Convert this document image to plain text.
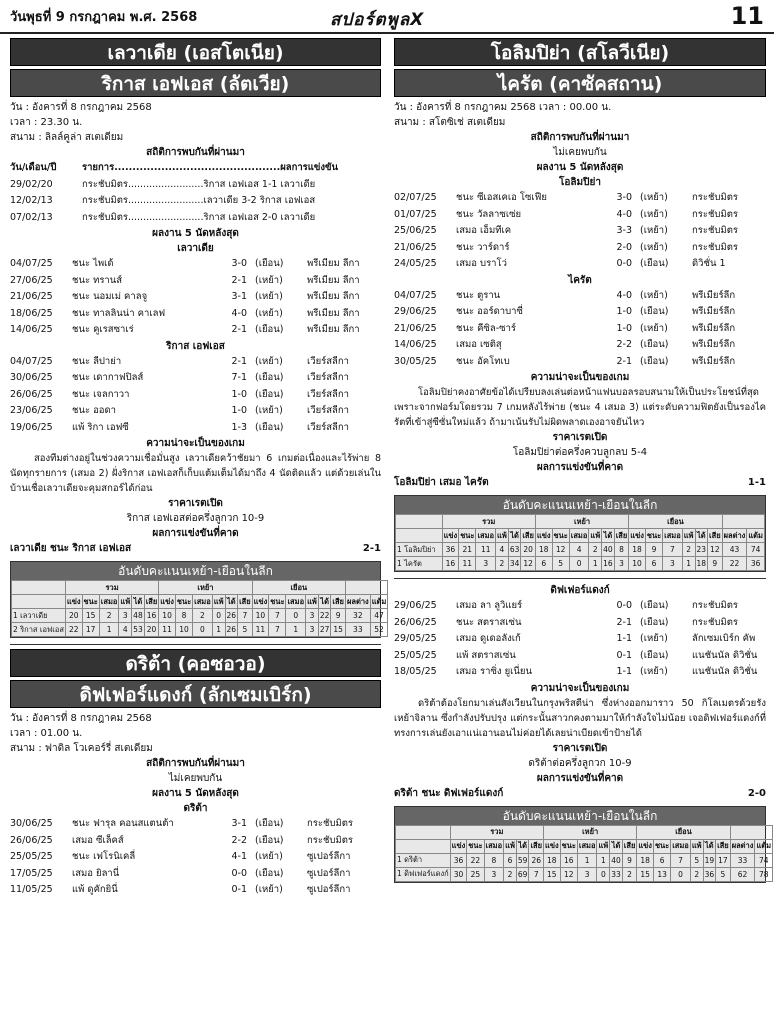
วันพุธที่ 9 กรกฎาคม พ.ศ. 2568	สปอร์ตพูลX	11
เลวาเดีย (เอสโตเนีย)
ริกาส เอฟเอส (ลัตเวีย)
วัน : อังคารที่ 8 กรกฎาคม 2568
เวลา : 23.30 น.
สนาม : ลิลล์คูล่า สเตเดียม
สถิติการพบกันที่ผ่านมา
วัน/เดือน/ปี	รายการ..............................................ผลการแข่งขัน
29/02/20	กระชับมิตร.........................ริกาส เอฟเอส 1-1 เลวาเดีย
12/02/13	กระชับมิตร.........................เลวาเดีย 3-2 ริกาส เอฟเอส
07/02/13	กระชับมิตร.........................ริกาส เอฟเอส 2-0 เลวาเดีย
ผลงาน 5 นัดหลังสุด
เลวาเดีย
04/07/25	ชนะ ไพเด้	3-0 (เยือน)	พรีเมียม ลีกา
27/06/25	ชนะ ทรานส์	2-1 (เหย้า)	พรีเมียม ลีกา
21/06/25	ชนะ นอมเม่ คาลจู	3-1 (เหย้า)	พรีเมียม ลีกา
18/06/25	ชนะ ทาลลินน่า คาเลฟ	4-0 (เหย้า)	พรีเมียม ลีกา
14/06/25	ชนะ คูเรสซาเร่	2-1 (เยือน)	พรีเมียม ลีกา
ริกาส เอฟเอส
04/07/25	ชนะ ลีปาย่า	2-1 (เหย้า)	เวียร์สลีกา
30/06/25	ชนะ เดากาฟปิลส์	7-1 (เยือน)	เวียร์สลีกา
26/06/25	ชนะ เจลกาวา	1-0 (เยือน)	เวียร์สลีกา
23/06/25	ชนะ ออดา	1-0 (เหย้า)	เวียร์สลีกา
19/06/25	แพ้ ริกา เอฟซี	1-3 (เยือน)	เวียร์สลีกา
ความน่าจะเป็นของเกม
สองทีมต่างอยู่ในช่วงความเชื่อมั่นสูง เลวาเดียคว้าชัยมา 6 เกมต่อเนื่องและไร้พ่าย 8 นัดทุกรายการ (เสมอ 2) ฝั่งริกาส เอฟเอสก็เก็บแต้มเต็มได้มาถึง 4 นัดติดแล้ว แต่ด้วยเล่นในบ้านเชื่อเลวาเดียจะคุมสกอร์ได้ก่อน
ราคาเรตเปิด
ริกาส เอฟเอสต่อครึ่งลูกวก 10-9
ผลการแข่งขันที่คาด
เลวาเดีย ชนะ ริกาส เอฟเอส	2-1
อันดับคะแนนเหย้า-เยือนในลีก
	รวม						เหย้า						เยือน							
	แข่ง	ชนะ	เสมอ	แพ้	ได้	เสีย	แข่ง	ชนะ	เสมอ	แพ้	ได้	เสีย	แข่ง	ชนะ	เสมอ	แพ้	ได้	เสีย	ผลต่าง	แต้ม
1 เลวาเดีย	20	15	2	3	48	16	10	8	2	0	26	7	10	7	0	3	22	9	32	47
2 ริกาส เอฟเอส	22	17	1	4	53	20	11	10	0	1	26	5	11	7	1	3	27	15	33	52
ดริต้า (คอซอวอ)
ดิฟเฟอร์แดงก์ (ลักเซมเบิร์ก)
วัน : อังคารที่ 8 กรกฎาคม 2568
เวลา : 01.00 น.
สนาม : ฟาดิล โวเคอร์รี่ สเตเดียม
สถิติการพบกันที่ผ่านมา
ไม่เคยพบกัน
ผลงาน 5 นัดหลังสุด
ดริต้า
30/06/25	ชนะ ฟารุล คอนสแตนต้า	3-1 (เยือน)	กระชับมิตร
26/06/25	เสมอ ซีเล็คส์	2-2 (เยือน)	กระชับมิตร
25/05/25	ชนะ เฟโรนิเคลี่	4-1 (เหย้า)	ซูเปอร์ลีกา
17/05/25	เสมอ ยิลานี่	0-0 (เยือน)	ซูเปอร์ลีกา
11/05/25	แพ้ ดูคักยินี่	0-1 (เหย้า)	ซูเปอร์ลีกา
โอลิมปิย่า (สโลวีเนีย)
ไครัต (คาซัคสถาน)
วัน : อังคารที่ 8 กรกฎาคม 2568 เวลา : 00.00 น.
สนาม : สโตซิเช่ สเตเดียม
สถิติการพบกันที่ผ่านมา
ไม่เคยพบกัน
ผลงาน 5 นัดหลังสุด
โอลิมปิย่า
02/07/25	ชนะ ซีเอสเคเอ โซเฟีย	3-0 (เหย้า)	กระชับมิตร
01/07/25	ชนะ วัลลาซเซ่ย	4-0 (เหย้า)	กระชับมิตร
25/06/25	เสมอ เอ็มทีเค	3-3 (เหย้า)	กระชับมิตร
21/06/25	ชนะ วาร์ดาร์	2-0 (เหย้า)	กระชับมิตร
24/05/25	เสมอ บราโว่	0-0 (เยือน)	ดิวิชั่น 1
ไครัต
04/07/25	ชนะ ตูราน	4-0 (เหย้า)	พรีเมียร์ลีก
29/06/25	ชนะ ออร์ดาบาซี่	1-0 (เยือน)	พรีเมียร์ลีก
21/06/25	ชนะ คีซิล-ซาร์	1-0 (เหย้า)	พรีเมียร์ลีก
14/06/25	เสมอ เซติสุ	2-2 (เยือน)	พรีเมียร์ลีก
30/05/25	ชนะ อัคโทเบ	2-1 (เยือน)	พรีเมียร์ลีก
ความน่าจะเป็นของเกม
โอลิมปิย่าคงอาศัยข้อได้เปรียบลงเล่นต่อหน้าแฟนบอลรอบสนามให้เป็นประโยชน์ที่สุด เพราะจากฟอร์มโดยรวม 7 เกมหลังไร้พ่าย (ชนะ 4 เสมอ 3) แต่ระดับความฟิตยังเป็นรองไครัตที่เข้าสู่ซีซั่นใหม่แล้ว ถ้ามาเน้นรับไม่ผิดพลาดเองอาจยันไหว
ราคาเรตเปิด
โอลิมปิย่าต่อครึ่งควบลูกลบ 5-4
ผลการแข่งขันที่คาด
โอลิมปิย่า เสมอ ไครัต	1-1
อันดับคะแนนเหย้า-เยือนในลีก
	รวม						เหย้า						เยือน							
	แข่ง	ชนะ	เสมอ	แพ้	ได้	เสีย	แข่ง	ชนะ	เสมอ	แพ้	ได้	เสีย	แข่ง	ชนะ	เสมอ	แพ้	ได้	เสีย	ผลต่าง	แต้ม
1 โอลิมปิย่า	36	21	11	4	63	20	18	12	4	2	40	8	18	9	7	2	23	12	43	74
1 ไครัต	16	11	3	2	34	12	6	5	0	1	16	3	10	6	3	1	18	9	22	36
ดิฟเฟอร์แดงก์
29/06/25	เสมอ ลา ลูวิแยร์	0-0 (เยือน)	กระชับมิตร
26/06/25	ชนะ สตราสเซ่น	2-1 (เยือน)	กระชับมิตร
29/05/25	เสมอ ดูเดอลังเก้	1-1 (เหย้า)	ลักเซมเบิร์ก คัพ
25/05/25	แพ้ สตราสเซ่น	0-1 (เยือน)	แนชันนัล ดิวิชั่น
18/05/25	เสมอ ราซิ่ง ยูเนี่ยน	1-1 (เหย้า)	แนชันนัล ดิวิชั่น
ความน่าจะเป็นของเกม
ดริต้าต้องโยกมาเล่นสังเวียนในกรุงพริสตีน่า ซึ่งห่างออกมาราว 50 กิโลเมตรด้วยรังเหย้าจิลาน ซึ่งกำลังปรับปรุง แต่กระนั้นสาวกคงตามมาให้กำลังใจไม่น้อย เจอดิฟเฟอร์แดงก์ที่ทรงการเล่นยังเอาแน่เอานอนไม่ค่อยได้เลยน่าเบียดเข้าป้ายได้
ราคาเรตเปิด
ดริต้าต่อครึ่งลูกวก 10-9
ผลการแข่งขันที่คาด
ดริต้า ชนะ ดิฟเฟอร์แดงก์	2-0
อันดับคะแนนเหย้า-เยือนในลีก
	รวม						เหย้า						เยือน							
	แข่ง	ชนะ	เสมอ	แพ้	ได้	เสีย	แข่ง	ชนะ	เสมอ	แพ้	ได้	เสีย	แข่ง	ชนะ	เสมอ	แพ้	ได้	เสีย	ผลต่าง	แต้ม
1 ดริต้า	36	22	8	6	59	26	18	16	1	1	40	9	18	6	7	5	19	17	33	74
1 ดิฟเฟอร์แดงก์	30	25	3	2	69	7	15	12	3	0	33	2	15	13	0	2	36	5	62	78
